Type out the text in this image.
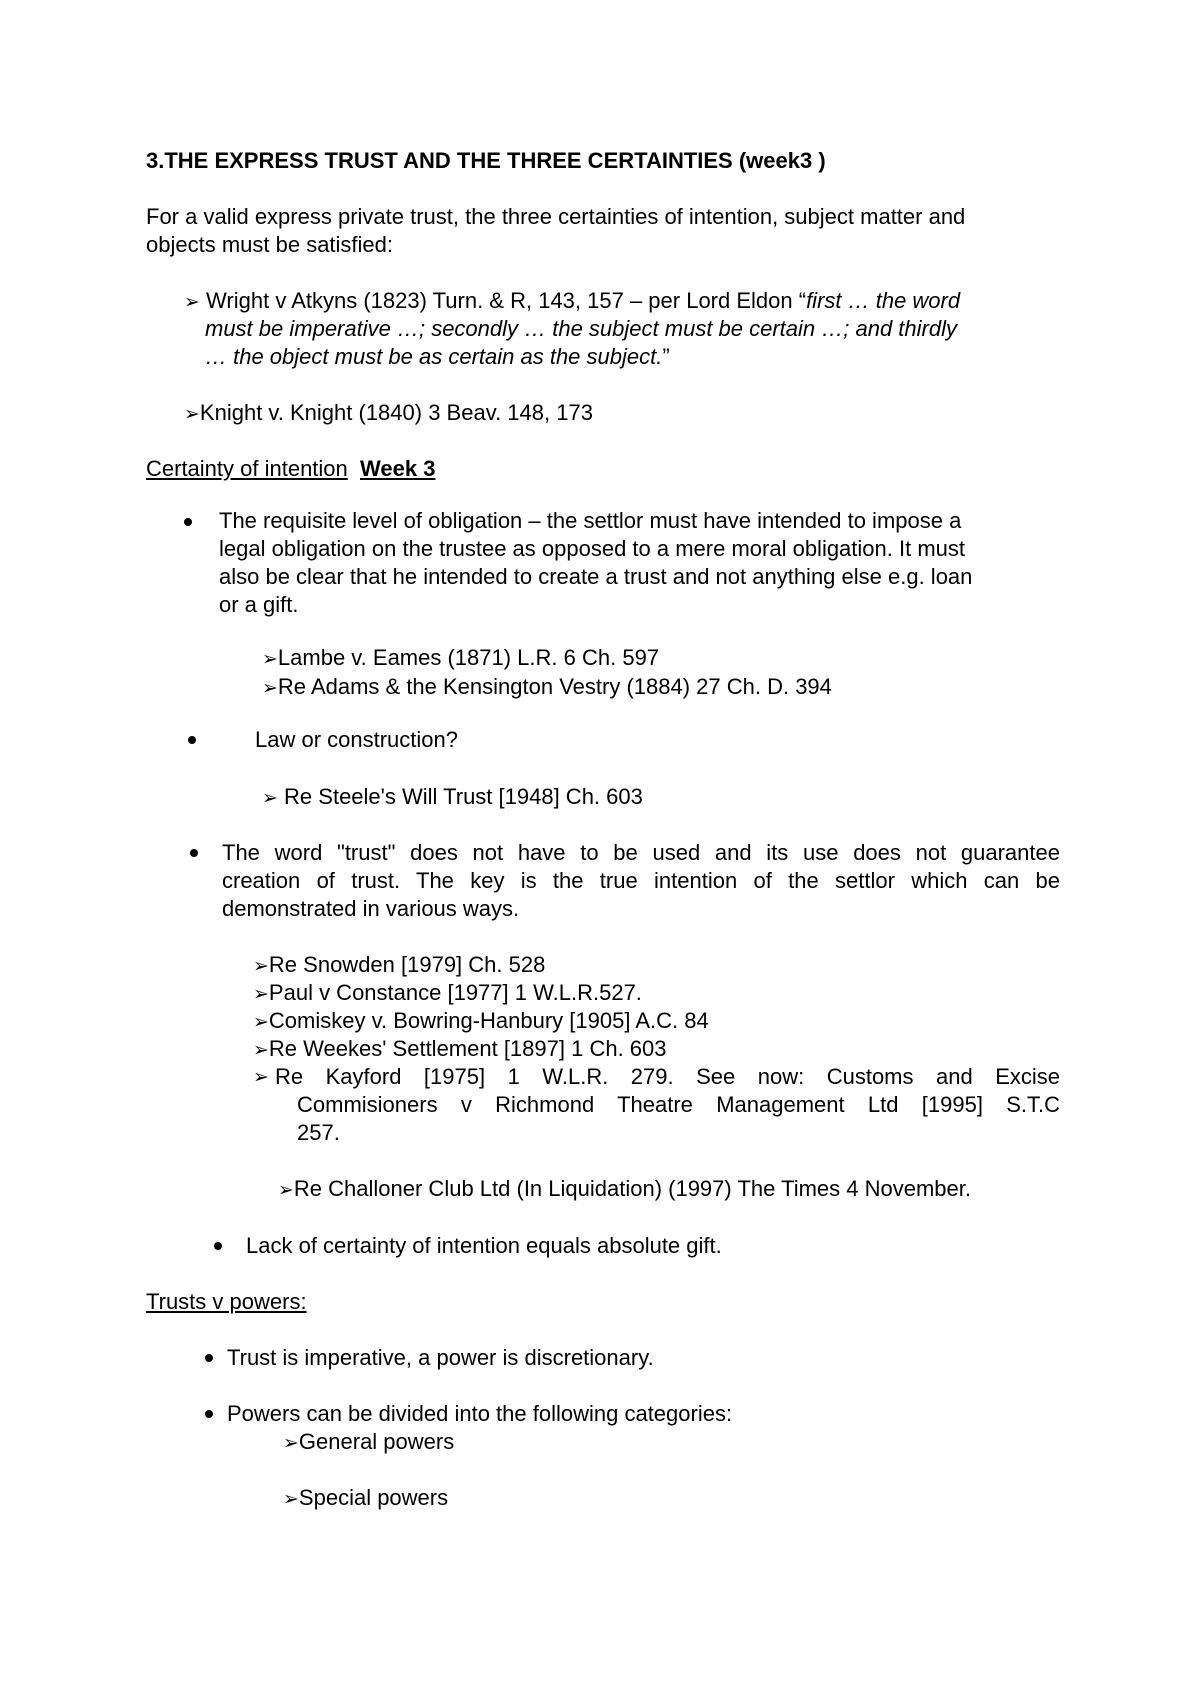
3.THE EXPRESS TRUST AND THE THREE CERTAINTIES (week3 )
For a valid express private trust, the three certainties of intention, subject matter and
objects must be satisfied:
➢ Wright v Atkyns (1823) Turn. & R, 143, 157 – per Lord Eldon “first … the word
must be imperative …; secondly … the subject must be certain …; and thirdly
… the object must be as certain as the subject.”
➢Knight v. Knight (1840) 3 Beav. 148, 173
Certainty of intention Week 3
The requisite level of obligation – the settlor must have intended to impose a
legal obligation on the trustee as opposed to a mere moral obligation. It must
also be clear that he intended to create a trust and not anything else e.g. loan
or a gift.
➢Lambe v. Eames (1871) L.R. 6 Ch. 597
➢Re Adams & the Kensington Vestry (1884) 27 Ch. D. 394
Law or construction?
➢ Re Steele's Will Trust [1948] Ch. 603
The word "trust" does not have to be used and its use does not guarantee
creation of trust. The key is the true intention of the settlor which can be
demonstrated in various ways.
➢Re Snowden [1979] Ch. 528
➢Paul v Constance [1977] 1 W.L.R.527.
➢Comiskey v. Bowring-Hanbury [1905] A.C. 84
➢Re Weekes' Settlement [1897] 1 Ch. 603
➢ Re Kayford [1975] 1 W.L.R. 279. See now: Customs and Excise
Commisioners v Richmond Theatre Management Ltd [1995] S.T.C
257.
➢Re Challoner Club Ltd (In Liquidation) (1997) The Times 4 November.
Lack of certainty of intention equals absolute gift.
Trusts v powers:
Trust is imperative, a power is discretionary.
Powers can be divided into the following categories:
➢General powers
➢Special powers
